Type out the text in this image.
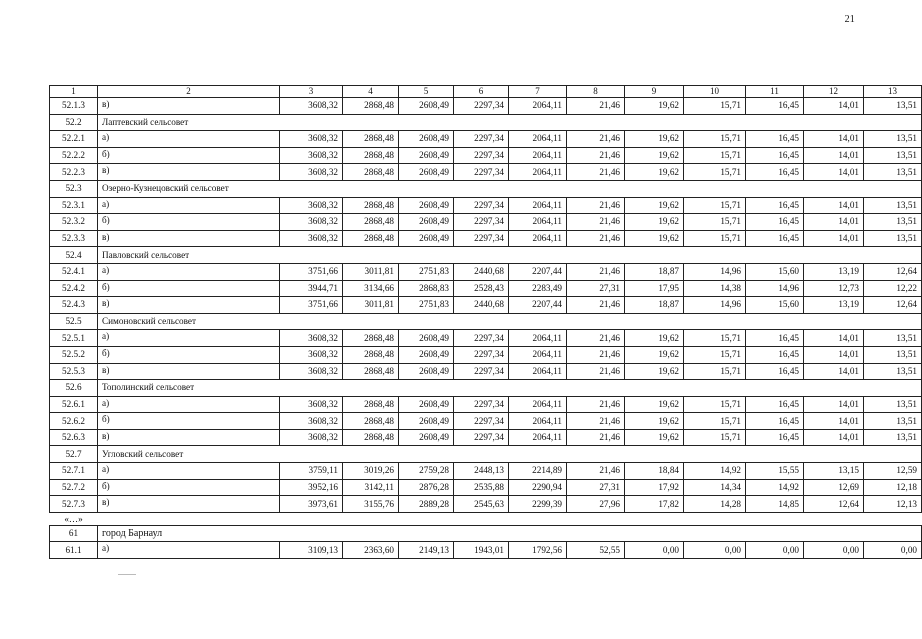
21
1	2	3	4	5	6	7	8	9	10	11	12	13
52.1.3	в)	3608,32	2868,48	2608,49	2297,34	2064,11	21,46	19,62	15,71	16,45	14,01	13,51
52.2	Лаптевский сельсовет											
52.2.1	а)	3608,32	2868,48	2608,49	2297,34	2064,11	21,46	19,62	15,71	16,45	14,01	13,51
52.2.2	б)	3608,32	2868,48	2608,49	2297,34	2064,11	21,46	19,62	15,71	16,45	14,01	13,51
52.2.3	в)	3608,32	2868,48	2608,49	2297,34	2064,11	21,46	19,62	15,71	16,45	14,01	13,51
52.3	Озерно-Кузнецовский сельсовет											
52.3.1	а)	3608,32	2868,48	2608,49	2297,34	2064,11	21,46	19,62	15,71	16,45	14,01	13,51
52.3.2	б)	3608,32	2868,48	2608,49	2297,34	2064,11	21,46	19,62	15,71	16,45	14,01	13,51
52.3.3	в)	3608,32	2868,48	2608,49	2297,34	2064,11	21,46	19,62	15,71	16,45	14,01	13,51
52.4	Павловский сельсовет											
52.4.1	а)	3751,66	3011,81	2751,83	2440,68	2207,44	21,46	18,87	14,96	15,60	13,19	12,64
52.4.2	б)	3944,71	3134,66	2868,83	2528,43	2283,49	27,31	17,95	14,38	14,96	12,73	12,22
52.4.3	в)	3751,66	3011,81	2751,83	2440,68	2207,44	21,46	18,87	14,96	15,60	13,19	12,64
52.5	Симоновский сельсовет											
52.5.1	а)	3608,32	2868,48	2608,49	2297,34	2064,11	21,46	19,62	15,71	16,45	14,01	13,51
52.5.2	б)	3608,32	2868,48	2608,49	2297,34	2064,11	21,46	19,62	15,71	16,45	14,01	13,51
52.5.3	в)	3608,32	2868,48	2608,49	2297,34	2064,11	21,46	19,62	15,71	16,45	14,01	13,51
52.6	Тополинский сельсовет											
52.6.1	а)	3608,32	2868,48	2608,49	2297,34	2064,11	21,46	19,62	15,71	16,45	14,01	13,51
52.6.2	б)	3608,32	2868,48	2608,49	2297,34	2064,11	21,46	19,62	15,71	16,45	14,01	13,51
52.6.3	в)	3608,32	2868,48	2608,49	2297,34	2064,11	21,46	19,62	15,71	16,45	14,01	13,51
52.7	Угловский сельсовет											
52.7.1	а)	3759,11	3019,26	2759,28	2448,13	2214,89	21,46	18,84	14,92	15,55	13,15	12,59
52.7.2	б)	3952,16	3142,11	2876,28	2535,88	2290,94	27,31	17,92	14,34	14,92	12,69	12,18
52.7.3	в)	3973,61	3155,76	2889,28	2545,63	2299,39	27,96	17,82	14,28	14,85	12,64	12,13
«…»												
61	город Барнаул											
61.1	а)	3109,13	2363,60	2149,13	1943,01	1792,56	52,55	0,00	0,00	0,00	0,00	0,00
